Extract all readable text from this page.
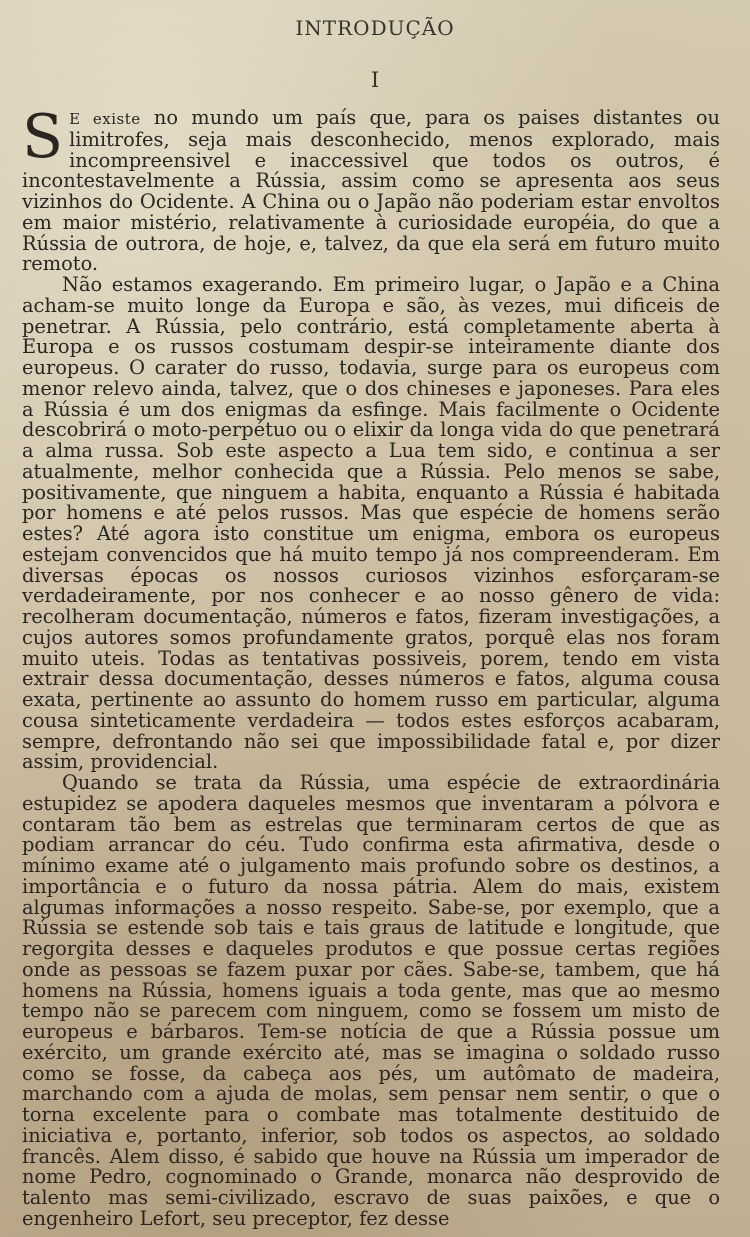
INTRODUÇÃO
I

S E existe no mundo um país que, para os paises distantes ou limitrofes, seja mais desconhecido, menos explorado, mais incompreensivel e inaccessivel que todos os outros, é incontestavelmente a Rússia, assim como se apresenta aos seus vizinhos do Ocidente. A China ou o Japão não poderiam estar envoltos em maior mistério, relativamente à curiosidade européia, do que a Rússia de outrora, de hoje, e, talvez, da que ela será em futuro muito remoto.

Não estamos exagerando. Em primeiro lugar, o Japão e a China acham-se muito longe da Europa e são, às vezes, mui dificeis de penetrar. A Rússia, pelo contrário, está completamente aberta à Europa e os russos costumam despir-se inteiramente diante dos europeus. O carater do russo, todavia, surge para os europeus com menor relevo ainda, talvez, que o dos chineses e japoneses. Para eles a Rússia é um dos enigmas da esfinge. Mais facilmente o Ocidente descobrirá o moto-perpétuo ou o elixir da longa vida do que penetrará a alma russa. Sob este aspecto a Lua tem sido, e continua a ser atualmente, melhor conhecida que a Rússia. Pelo menos se sabe, positivamente, que ninguem a habita, enquanto a Rússia é habitada por homens e até pelos russos. Mas que espécie de homens serão estes? Até agora isto constitue um enigma, embora os europeus estejam convencidos que há muito tempo já nos compreenderam. Em diversas épocas os nossos curiosos vizinhos esforçaram-se verdadeiramente, por nos conhecer e ao nosso gênero de vida: recolheram documentação, números e fatos, fizeram investigações, a cujos autores somos profundamente gratos, porquê elas nos foram muito uteis. Todas as tentativas possiveis, porem, tendo em vista extrair dessa documentação, desses números e fatos, alguma cousa exata, pertinente ao assunto do homem russo em particular, alguma cousa sinteticamente verdadeira — todos estes esforços acabaram, sempre, defrontando não sei que impossibilidade fatal e, por dizer assim, providencial.

Quando se trata da Rússia, uma espécie de extraordinária estupidez se apodera daqueles mesmos que inventaram a pólvora e contaram tão bem as estrelas que terminaram certos de que as podiam arrancar do céu. Tudo confirma esta afirmativa, desde o mínimo exame até o julgamento mais profundo sobre os destinos, a importância e o futuro da nossa pátria. Alem do mais, existem algumas informações a nosso respeito. Sabe-se, por exemplo, que a Rússia se estende sob tais e tais graus de latitude e longitude, que regorgita desses e daqueles produtos e que possue certas regiões onde as pessoas se fazem puxar por cães. Sabe-se, tambem, que há homens na Rússia, homens iguais a toda gente, mas que ao mesmo tempo não se parecem com ninguem, como se fossem um misto de europeus e bárbaros. Tem-se notícia de que a Rússia possue um exército, um grande exército até, mas se imagina o soldado russo como se fosse, da cabeça aos pés, um autômato de madeira, marchando com a ajuda de molas, sem pensar nem sentir, o que o torna excelente para o combate mas totalmente destituido de iniciativa e, portanto, inferior, sob todos os aspectos, ao soldado francês. Alem disso, é sabido que houve na Rússia um imperador de nome Pedro, cognominado o Grande, monarca não desprovido de talento mas semi-civilizado, escravo de suas paixões, e que o engenheiro Lefort, seu preceptor, fez desse
